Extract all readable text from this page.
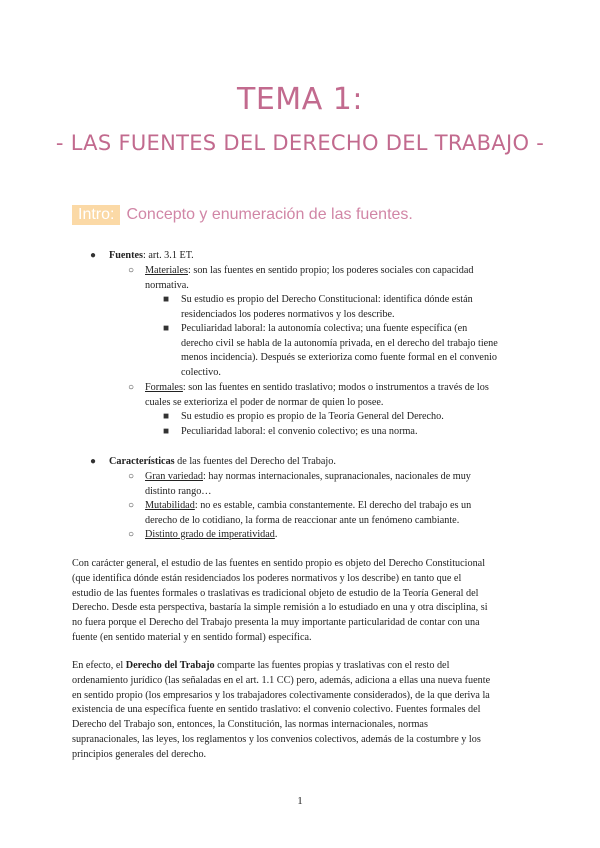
TEMA 1:
- LAS FUENTES DEL DERECHO DEL TRABAJO -
Intro: Concepto y enumeración de las fuentes.
● Fuentes: art. 3.1 ET.
○ Materiales: son las fuentes en sentido propio; los poderes sociales con capacidad
normativa.
■ Su estudio es propio del Derecho Constitucional: identifica dónde están
residenciados los poderes normativos y los describe.
■ Peculiaridad laboral: la autonomía colectiva; una fuente específica (en
derecho civil se habla de la autonomía privada, en el derecho del trabajo tiene
menos incidencia). Después se exterioriza como fuente formal en el convenio
colectivo.
○ Formales: son las fuentes en sentido traslativo; modos o instrumentos a través de los
cuales se exterioriza el poder de normar de quien lo posee.
■ Su estudio es propio es propio de la Teoría General del Derecho.
■ Peculiaridad laboral: el convenio colectivo; es una norma.
● Características de las fuentes del Derecho del Trabajo.
○ Gran variedad: hay normas internacionales, supranacionales, nacionales de muy
distinto rango…
○ Mutabilidad: no es estable, cambia constantemente. El derecho del trabajo es un
derecho de lo cotidiano, la forma de reaccionar ante un fenómeno cambiante.
○ Distinto grado de imperatividad.
Con carácter general, el estudio de las fuentes en sentido propio es objeto del Derecho Constitucional
(que identifica dónde están residenciados los poderes normativos y los describe) en tanto que el
estudio de las fuentes formales o traslativas es tradicional objeto de estudio de la Teoría General del
Derecho. Desde esta perspectiva, bastaría la simple remisión a lo estudiado en una y otra disciplina, si
no fuera porque el Derecho del Trabajo presenta la muy importante particularidad de contar con una
fuente (en sentido material y en sentido formal) específica.
En efecto, el Derecho del Trabajo comparte las fuentes propias y traslativas con el resto del
ordenamiento jurídico (las señaladas en el art. 1.1 CC) pero, además, adiciona a ellas una nueva fuente
en sentido propio (los empresarios y los trabajadores colectivamente considerados), de la que deriva la
existencia de una específica fuente en sentido traslativo: el convenio colectivo. Fuentes formales del
Derecho del Trabajo son, entonces, la Constitución, las normas internacionales, normas
supranacionales, las leyes, los reglamentos y los convenios colectivos, además de la costumbre y los
principios generales del derecho.
1
